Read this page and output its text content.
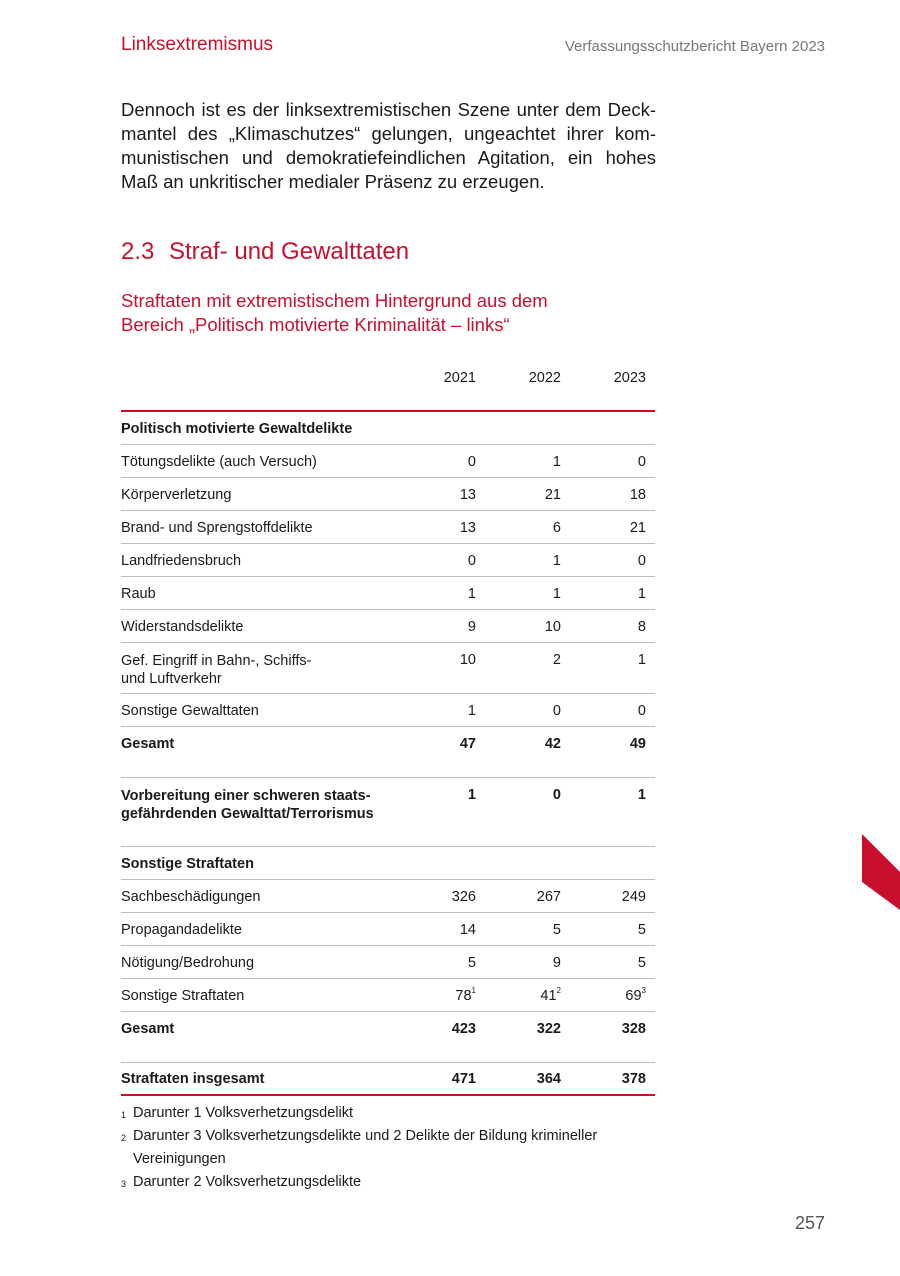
Linksextremismus	Verfassungsschutzbericht Bayern 2023

Dennoch ist es der linksextremistischen Szene unter dem Deckmantel des „Klimaschutzes“ gelungen, ungeachtet ihrer kommunistischen und demokratiefeindlichen Agitation, ein hohes Maß an unkritischer medialer Präsenz zu erzeugen.

2.3 Straf- und Gewalttaten
Straftaten mit extremistischem Hintergrund aus dem
Bereich „Politisch motivierte Kriminalität – links“
2021	2022	2023
Politisch motivierte Gewaltdelikte
Tötungsdelikte (auch Versuch)	0	1	0
Körperverletzung	13	21	18
Brand- und Sprengstoffdelikte	13	6	21
Landfriedensbruch	0	1	0
Raub	1	1	1
Widerstandsdelikte	9	10	8
Gef. Eingriff in Bahn-, Schiffs-
und Luftverkehr
10	2	1
Sonstige Gewalttaten	1	0	0
Gesamt	47	42	49
Vorbereitung einer schweren staats-
gefährdenden Gewalttat/Terrorismus
1	0	1
Sonstige Straftaten
Sachbeschädigungen	326	267	249
Propagandadelikte	14	5	5
Nötigung/Bedrohung	5	9	5
Sonstige Straftaten	$78^1$	$41^2$	$69^3$
Gesamt	423	322	328
Straftaten insgesamt	471	364	378
1 Darunter 1 Volksverhetzungsdelikt
2 Darunter 3 Volksverhetzungsdelikte und 2 Delikte der Bildung krimineller Vereinigungen
3 Darunter 2 Volksverhetzungsdelikte
257
